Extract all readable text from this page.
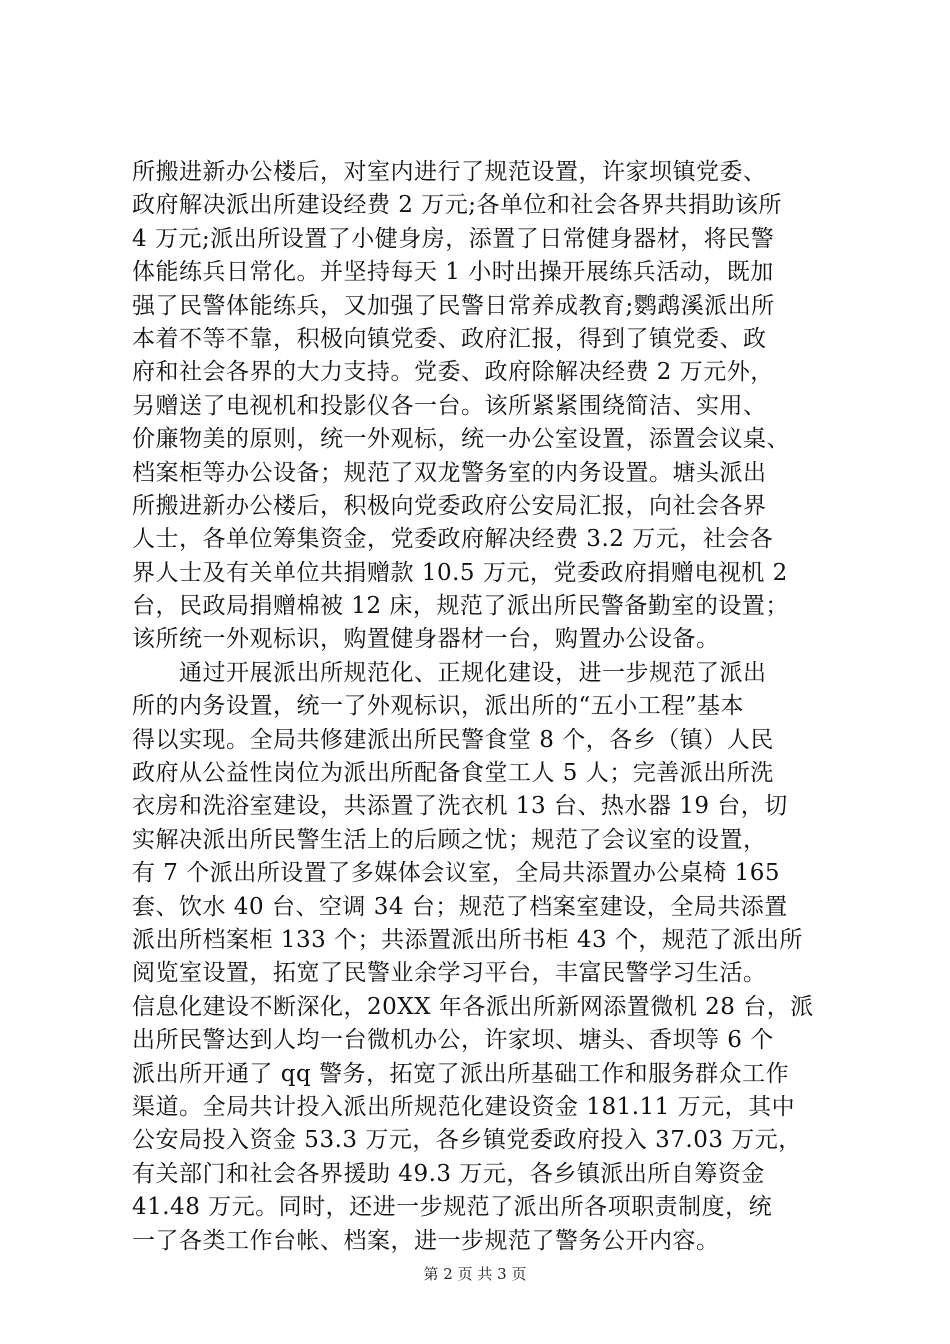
所搬进新办公楼后，对室内进行了规范设置，许家坝镇党委、
政府解决派出所建设经费 2 万元;各单位和社会各界共捐助该所
4 万元;派出所设置了小健身房，添置了日常健身器材，将民警
体能练兵日常化。并坚持每天 1 小时出操开展练兵活动，既加
强了民警体能练兵，又加强了民警日常养成教育;鹦鹉溪派出所
本着不等不靠，积极向镇党委、政府汇报，得到了镇党委、政
府和社会各界的大力支持。党委、政府除解决经费 2 万元外，
另赠送了电视机和投影仪各一台。该所紧紧围绕简洁、实用、
价廉物美的原则，统一外观标，统一办公室设置，添置会议桌、
档案柜等办公设备；规范了双龙警务室的内务设置。塘头派出
所搬进新办公楼后，积极向党委政府公安局汇报，向社会各界
人士，各单位筹集资金，党委政府解决经费 3.2 万元，社会各
界人士及有关单位共捐赠款 10.5 万元，党委政府捐赠电视机 2
台，民政局捐赠棉被 12 床，规范了派出所民警备勤室的设置；
该所统一外观标识，购置健身器材一台，购置办公设备。
　　通过开展派出所规范化、正规化建设，进一步规范了派出
所的内务设置，统一了外观标识，派出所的“五小工程”基本
得以实现。全局共修建派出所民警食堂 8 个，各乡（镇）人民
政府从公益性岗位为派出所配备食堂工人 5 人；完善派出所洗
衣房和洗浴室建设，共添置了洗衣机 13 台、热水器 19 台，切
实解决派出所民警生活上的后顾之忧；规范了会议室的设置，
有 7 个派出所设置了多媒体会议室，全局共添置办公桌椅 165
套、饮水 40 台、空调 34 台；规范了档案室建设，全局共添置
派出所档案柜 133 个；共添置派出所书柜 43 个，规范了派出所
阅览室设置，拓宽了民警业余学习平台，丰富民警学习生活。
信息化建设不断深化，20XX 年各派出所新网添置微机 28 台，派
出所民警达到人均一台微机办公，许家坝、塘头、香坝等 6 个
派出所开通了 qq 警务，拓宽了派出所基础工作和服务群众工作
渠道。全局共计投入派出所规范化建设资金 181.11 万元，其中
公安局投入资金 53.3 万元，各乡镇党委政府投入 37.03 万元，
有关部门和社会各界援助 49.3 万元，各乡镇派出所自筹资金
41.48 万元。同时，还进一步规范了派出所各项职责制度，统
一了各类工作台帐、档案，进一步规范了警务公开内容。
第 2 页 共 3 页
